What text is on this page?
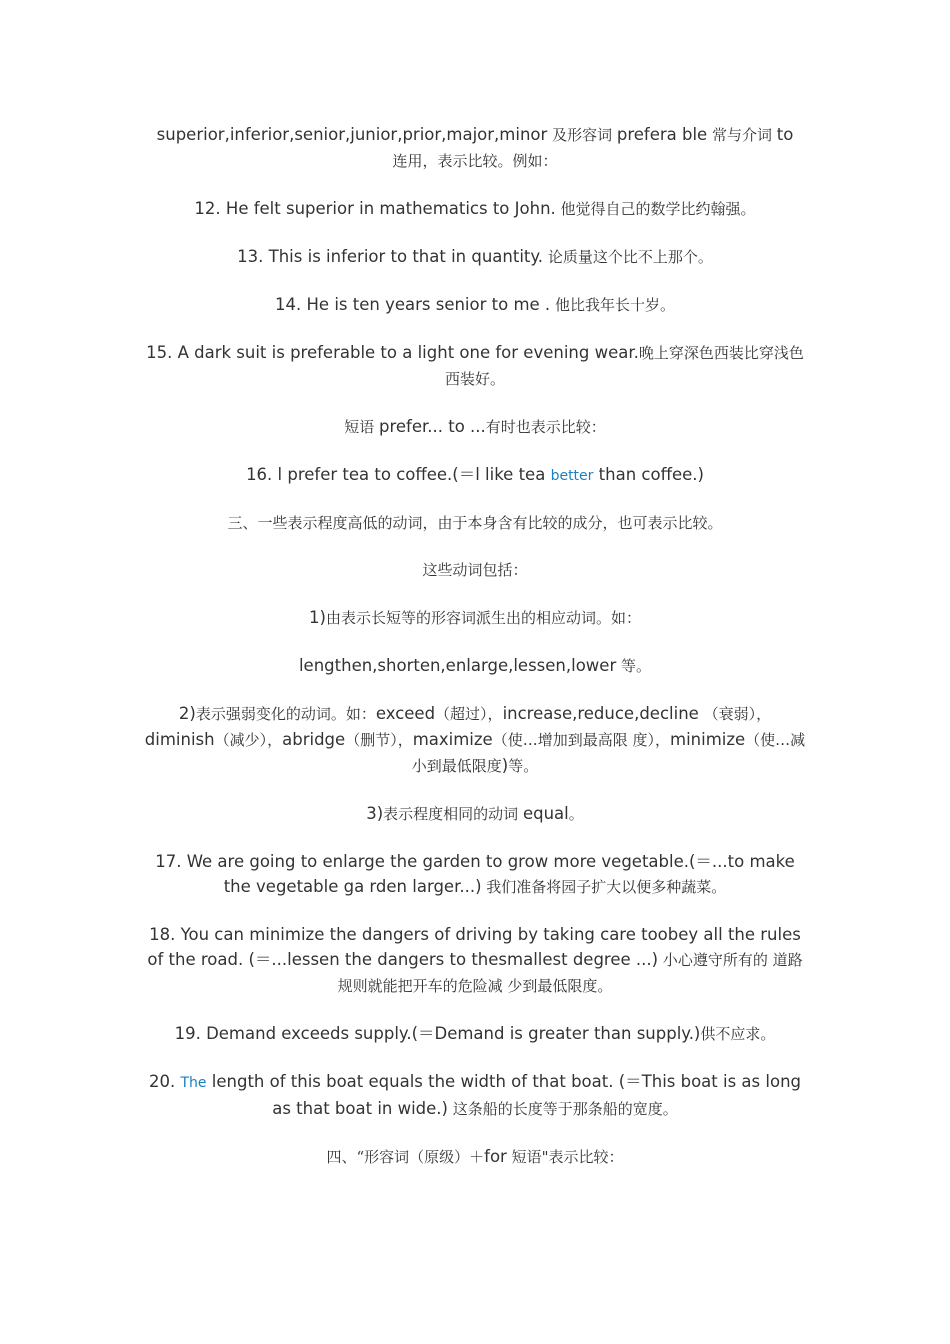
superior,inferior,senior,junior,prior,major,minor 及形容词 prefera ble 常与介词 to
连用，表示比较。例如：

12. He felt superior in mathematics to John. 他觉得自己的数学比约翰强。

13. This is inferior to that in quantity. 论质量这个比不上那个。

14. He is ten years senior to me . 他比我年长十岁。

15. A dark suit is preferable to a light one for evening wear.晚上穿深色西装比穿浅色西装好。

短语 prefer... to ...有时也表示比较：

16. l prefer tea to coffee.(＝l like tea better than coffee.)

三、一些表示程度高低的动词，由于本身含有比较的成分，也可表示比较。

这些动词包括：

1)由表示长短等的形容词派生出的相应动词。如：

lengthen,shorten,enlarge,lessen,lower 等。

2)表示强弱变化的动词。如：exceed（超过），increase,reduce,decline （衰弱），
diminish（减少），abridge（删节），maximize（使…增加到最高限 度），minimize（使…减小到最低限度)等。

3)表示程度相同的动词 equal。

17. We are going to enlarge the garden to grow more vegetable.(＝...to make the vegetable ga rden larger...) 我们准备将园子扩大以便多种蔬菜。

18. You can minimize the dangers of driving by taking care toobey all the rules of the road. (＝...lessen the dangers to thesmallest degree ...) 小心遵守所有的 道路规则就能把开车的危险减 少到最低限度。

19. Demand exceeds supply.(＝Demand is greater than supply.)供不应求。

20. The length of this boat equals the width of that boat. (＝This boat is as long as that boat in wide.) 这条船的长度等于那条船的宽度。

四、“形容词（原级）＋for 短语"表示比较：
